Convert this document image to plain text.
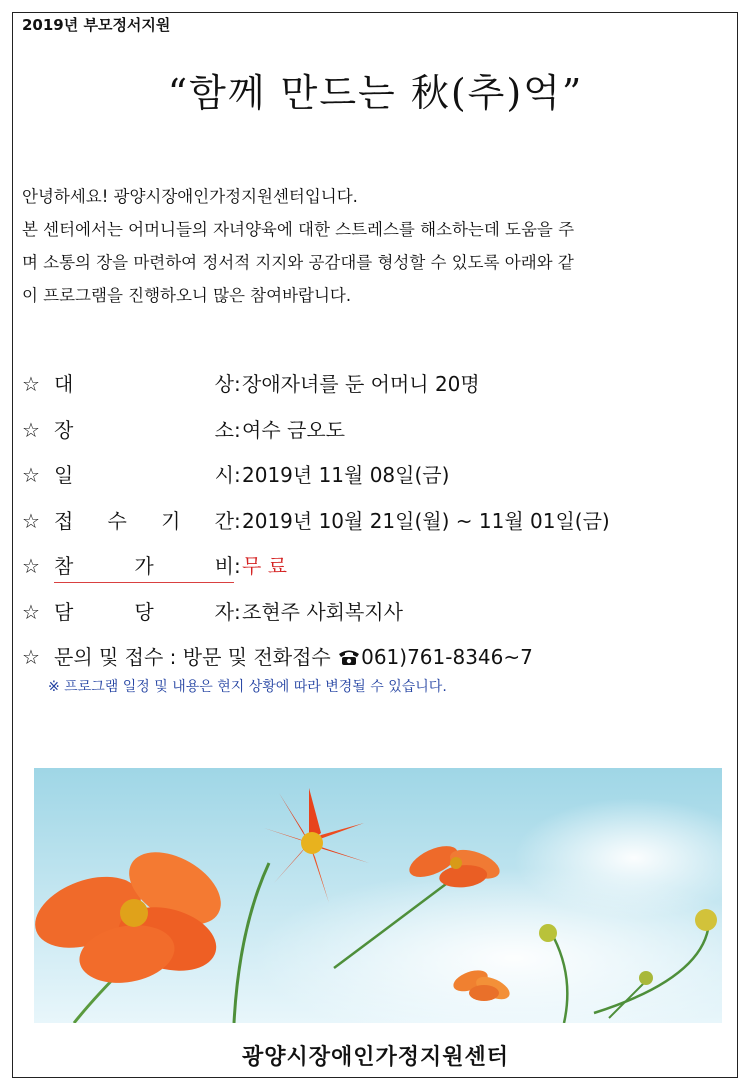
2019년 부모정서지원
“함께 만드는 秋(추)억”

안녕하세요! 광양시장애인가정지원센터입니다.

본 센터에서는 어머니들의 자녀양육에 대한 스트레스를 해소하는데 도움을 주

며 소통의 장을 마련하여 정서적 지지와 공감대를 형성할 수 있도록 아래와 같

이 프로그램을 진행하오니 많은 참여바랍니다.

☆ 대	상 : 장애자녀를 둔 어머니 20명
☆ 장	소 : 여수 금오도
☆ 일	시 : 2019년 11월 08일(금)
☆ 접 수 기 간 : 2019년 10월 21일(월) ~ 11월 01일(금)
☆ 참	가	비 : 무 료
☆ 담	당	자 : 조현주 사회복지사
☆ 문의 및 접수 : 방문 및 전화접수 061)761-8346~7
※ 프로그램 일정 및 내용은 현지 상황에 따라 변경될 수 있습니다.
광양시장애인가정지원센터
